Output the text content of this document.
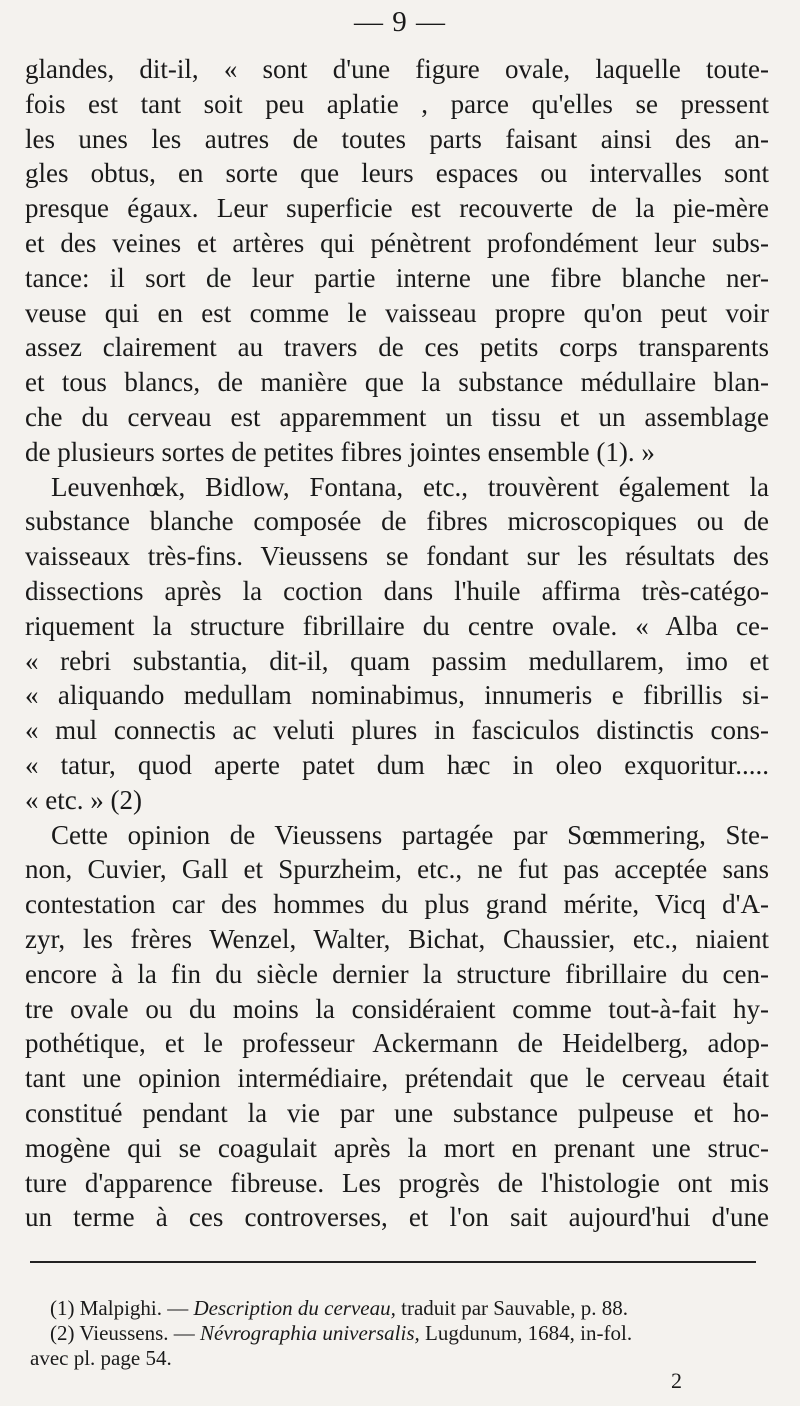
— 9 —
glandes, dit-il, « sont d'une figure ovale, laquelle toute-
fois est tant soit peu aplatie , parce qu'elles se pressent
les unes les autres de toutes parts faisant ainsi des an-
gles obtus, en sorte que leurs espaces ou intervalles sont
presque égaux. Leur superficie est recouverte de la pie-mère
et des veines et artères qui pénètrent profondément leur subs-
tance: il sort de leur partie interne une fibre blanche ner-
veuse qui en est comme le vaisseau propre qu'on peut voir
assez clairement au travers de ces petits corps transparents
et tous blancs, de manière que la substance médullaire blan-
che du cerveau est apparemment un tissu et un assemblage
de plusieurs sortes de petites fibres jointes ensemble (1). »
Leuvenhœk, Bidlow, Fontana, etc., trouvèrent également la
substance blanche composée de fibres microscopiques ou de
vaisseaux très-fins. Vieussens se fondant sur les résultats des
dissections après la coction dans l'huile affirma très-catégo-
riquement la structure fibrillaire du centre ovale. « Alba ce-
« rebri substantia, dit-il, quam passim medullarem, imo et
« aliquando medullam nominabimus, innumeris e fibrillis si-
« mul connectis ac veluti plures in fasciculos distinctis cons-
« tatur, quod aperte patet dum hæc in oleo exquoritur.....
« etc. » (2)
Cette opinion de Vieussens partagée par Sœmmering, Ste-
non, Cuvier, Gall et Spurzheim, etc., ne fut pas acceptée sans
contestation car des hommes du plus grand mérite, Vicq d'A-
zyr, les frères Wenzel, Walter, Bichat, Chaussier, etc., niaient
encore à la fin du siècle dernier la structure fibrillaire du cen-
tre ovale ou du moins la considéraient comme tout-à-fait hy-
pothétique, et le professeur Ackermann de Heidelberg, adop-
tant une opinion intermédiaire, prétendait que le cerveau était
constitué pendant la vie par une substance pulpeuse et ho-
mogène qui se coagulait après la mort en prenant une struc-
ture d'apparence fibreuse. Les progrès de l'histologie ont mis
un terme à ces controverses, et l'on sait aujourd'hui d'une
(1) Malpighi. — Description du cerveau, traduit par Sauvable, p. 88.
(2) Vieussens. — Névrographia universalis, Lugdunum, 1684, in-fol.
avec pl. page 54.
2
